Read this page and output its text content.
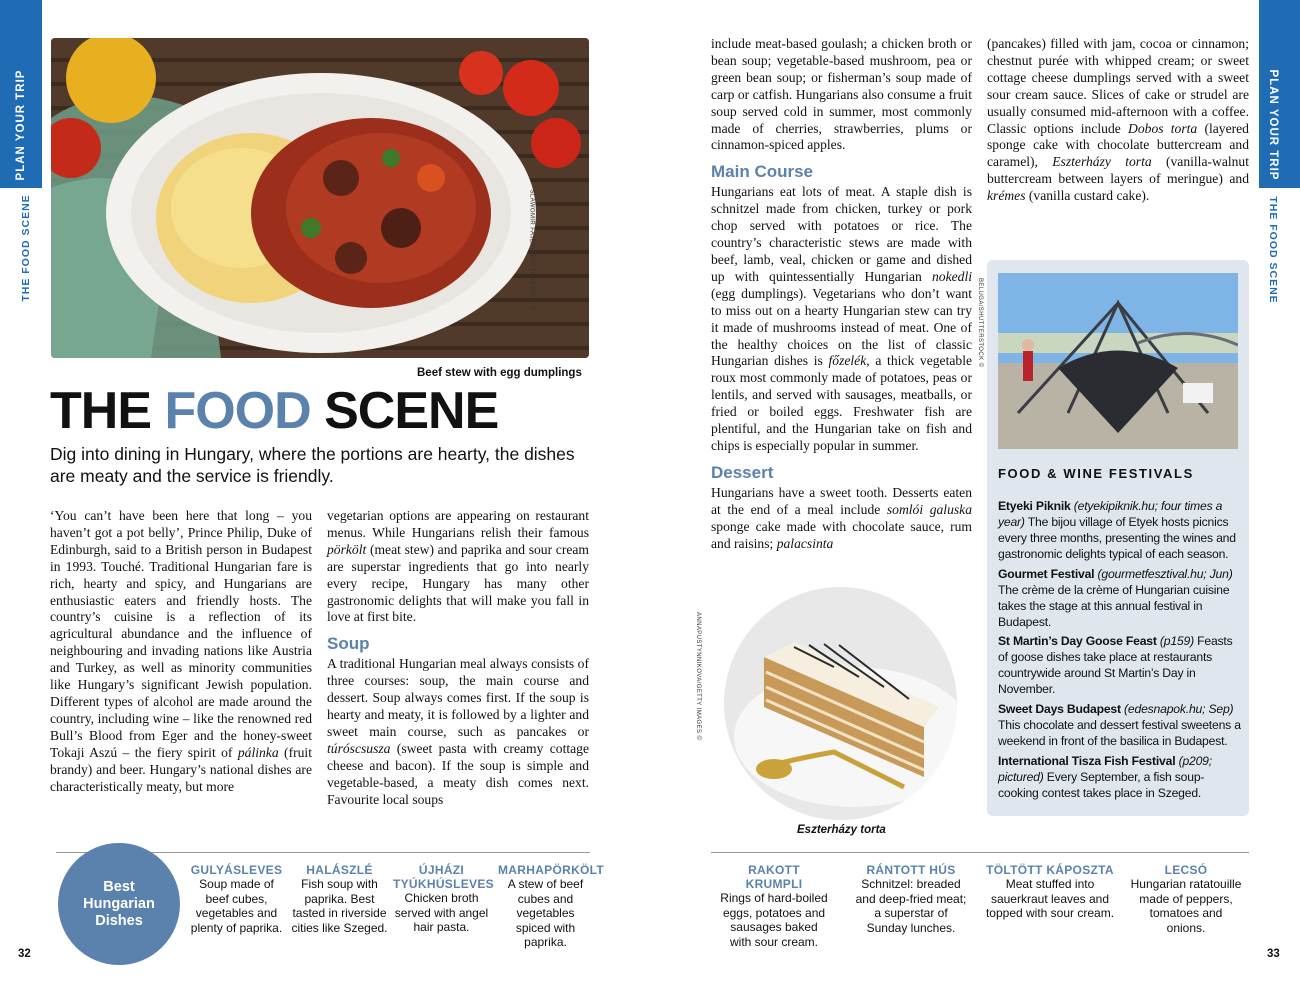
PLAN YOUR TRIP
THE FOOD SCENE
PLAN YOUR TRIP
THE FOOD SCENE
SLAWOMIR FAJER/SHUTTERSTOCK ©
Beef stew with egg dumplings
THE FOOD SCENE
Dig into dining in Hungary, where the portions are hearty, the dishes are meaty and the service is friendly.

‘You can’t have been here that long – you haven’t got a pot belly’, Prince Philip, Duke of Edinburgh, said to a British person in Budapest in 1993. Touché. Traditional Hungarian fare is rich, hearty and spicy, and Hungarians are enthusiastic eaters and friendly hosts. The country’s cuisine is a reflection of its agricultural abundance and the influence of neighbouring and invading nations like Austria and Turkey, as well as minority communities like Hungary’s significant Jewish population. Different types of alcohol are made around the country, including wine – like the renowned red Bull’s Blood from Eger and the honey-sweet Tokaji Aszú – the fiery spirit of pálinka (fruit brandy) and beer. Hungary’s national dishes are characteristically meaty, but more

vegetarian options are appearing on restaurant menus. While Hungarians relish their famous pörkölt (meat stew) and paprika and sour cream are superstar ingredients that go into nearly every recipe, Hungary has many other gastronomic delights that will make you fall in love at first bite.

Soup

A traditional Hungarian meal always consists of three courses: soup, the main course and dessert. Soup always comes first. If the soup is hearty and meaty, it is followed by a lighter and sweet main course, such as pancakes or túróscsusza (sweet pasta with creamy cottage cheese and bacon). If the soup is simple and vegetable-based, a meaty dish comes next. Favourite local soups

include meat-based goulash; a chicken broth or bean soup; vegetable-based mushroom, pea or green bean soup; or fisherman’s soup made of carp or catfish. Hungarians also consume a fruit soup served cold in summer, most commonly made of cherries, strawberries, plums or cinnamon-spiced apples.

Main Course

Hungarians eat lots of meat. A staple dish is schnitzel made from chicken, turkey or pork chop served with potatoes or rice. The country’s characteristic stews are made with beef, lamb, veal, chicken or game and dished up with quintessentially Hungarian nokedli (egg dumplings). Vegetarians who don’t want to miss out on a hearty Hungarian stew can try it made of mushrooms instead of meat. One of the healthy choices on the list of classic Hungarian dishes is főzelék, a thick vegetable roux most commonly made of potatoes, peas or lentils, and served with sausages, meatballs, or fried or boiled eggs. Freshwater fish are plentiful, and the Hungarian take on fish and chips is especially popular in summer.

Dessert

Hungarians have a sweet tooth. Desserts eaten at the end of a meal include somlói galuska sponge cake made with chocolate sauce, rum and raisins; palacsinta

(pancakes) filled with jam, cocoa or cinnamon; chestnut purée with whipped cream; or sweet cottage cheese dumplings served with a sweet sour cream sauce. Slices of cake or strudel are usually consumed mid-afternoon with a coffee. Classic options include Dobos torta (layered sponge cake with chocolate buttercream and caramel), Eszterházy torta (vanilla-walnut buttercream between layers of meringue) and krémes (vanilla custard cake).

BELUGA/SHUTTERSTOCK ©
FOOD & WINE FESTIVALS
Etyeki Piknik (etyekipiknik.hu; four times a year) The bijou village of Etyek hosts picnics every three months, presenting the wines and gastronomic delights typical of each season.
Gourmet Festival (gourmetfesztival.hu; Jun) The crème de la crème of Hungarian cuisine takes the stage at this annual festival in Budapest.
St Martin’s Day Goose Feast (p159) Feasts of goose dishes take place at restaurants countrywide around St Martin’s Day in November.
Sweet Days Budapest (edesnapok.hu; Sep) This chocolate and dessert festival sweetens a weekend in front of the basilica in Budapest.
International Tisza Fish Festival (p209; pictured) Every September, a fish soup-cooking contest takes place in Szeged.
ANNAPUSTYNNIKOVA/GETTY IMAGES ©
Eszterházy torta
Best Hungarian Dishes
GULYÁSLEVES
Soup made of beef cubes, vegetables and plenty of paprika.
HALÁSZLÉ
Fish soup with paprika. Best tasted in riverside cities like Szeged.
ÚJHÁZI TYÚKHÚSLEVES
Chicken broth served with angel hair pasta.
MARHAPÖRKÖLT
A stew of beef cubes and vegetables spiced with paprika.
RAKOTT KRUMPLI
Rings of hard-boiled eggs, potatoes and sausages baked with sour cream.
RÁNTOTT HÚS
Schnitzel: breaded and deep-fried meat; a superstar of Sunday lunches.
TÖLTÖTT KÁPOSZTA
Meat stuffed into sauerkraut leaves and topped with sour cream.
LECSÓ
Hungarian ratatouille made of peppers, tomatoes and onions.
32	33
